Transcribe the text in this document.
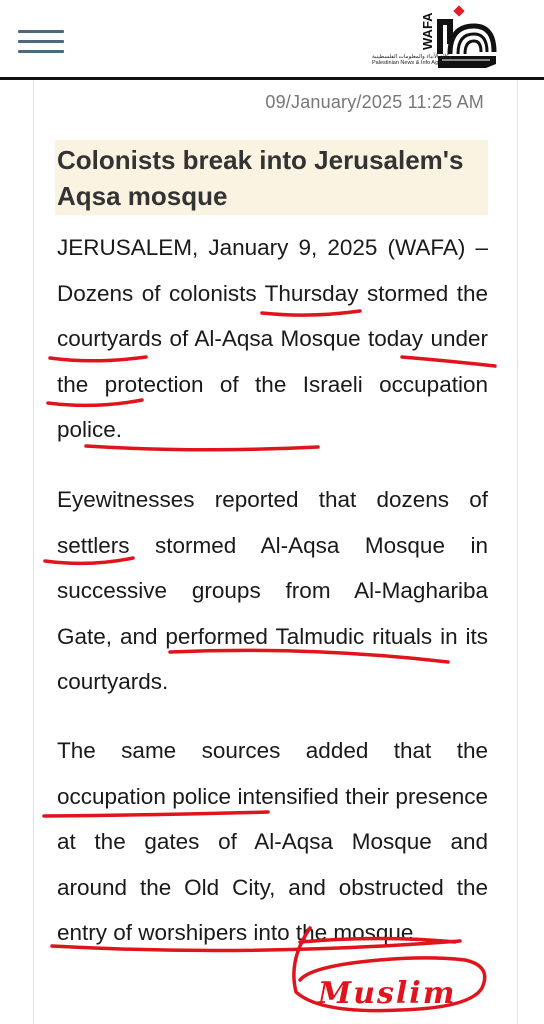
WAFA
وكالة الأنباء والمعلومات الفلسطينية
Palestinian News & Info Agency
09/January/2025 11:25 AM
Colonists break into Jerusalem's Aqsa mosque
JERUSALEM, January 9, 2025 (WAFA) – Dozens of colonists Thursday stormed the courtyards of Al-Aqsa Mosque today under the protection of the Israeli occupation police.
Eyewitnesses reported that dozens of settlers stormed Al-Aqsa Mosque in successive groups from Al-Maghariba Gate, and performed Talmudic rituals in its courtyards.
The same sources added that the occupation police intensified their presence at the gates of Al-Aqsa Mosque and around the Old City, and obstructed the entry of worshipers into the mosque.
Muslim
